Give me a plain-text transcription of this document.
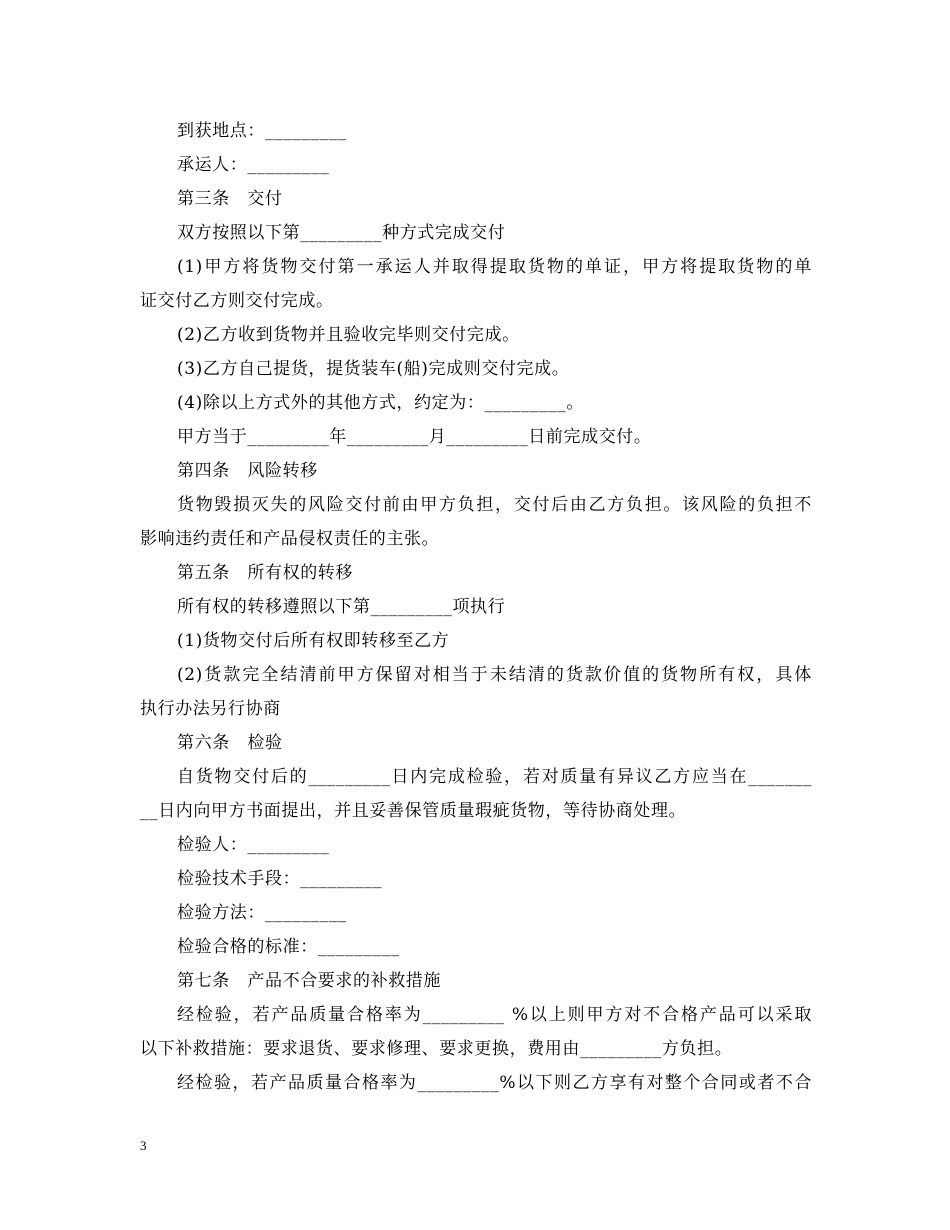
到获地点：_________
承运人：_________
第三条　交付
双方按照以下第_________种方式完成交付
(1)甲方将货物交付第一承运人并取得提取货物的单证，甲方将提取货物的单
证交付乙方则交付完成。
(2)乙方收到货物并且验收完毕则交付完成。
(3)乙方自己提货，提货装车(船)完成则交付完成。
(4)除以上方式外的其他方式，约定为：_________。
甲方当于_________年_________月_________日前完成交付。
第四条　风险转移
货物毁损灭失的风险交付前由甲方负担，交付后由乙方负担。该风险的负担不
影响违约责任和产品侵权责任的主张。
第五条　所有权的转移
所有权的转移遵照以下第_________项执行
(1)货物交付后所有权即转移至乙方
(2)货款完全结清前甲方保留对相当于未结清的货款价值的货物所有权，具体
执行办法另行协商
第六条　检验
自货物交付后的_________日内完成检验，若对质量有异议乙方应当在_______
__日内向甲方书面提出，并且妥善保管质量瑕疵货物，等待协商处理。
检验人：_________
检验技术手段：_________
检验方法：_________
检验合格的标准：_________
第七条　产品不合要求的补救措施
经检验，若产品质量合格率为_________ %以上则甲方对不合格产品可以采取
以下补救措施：要求退货、要求修理、要求更换，费用由_________方负担。
经检验，若产品质量合格率为_________%以下则乙方享有对整个合同或者不合
3
